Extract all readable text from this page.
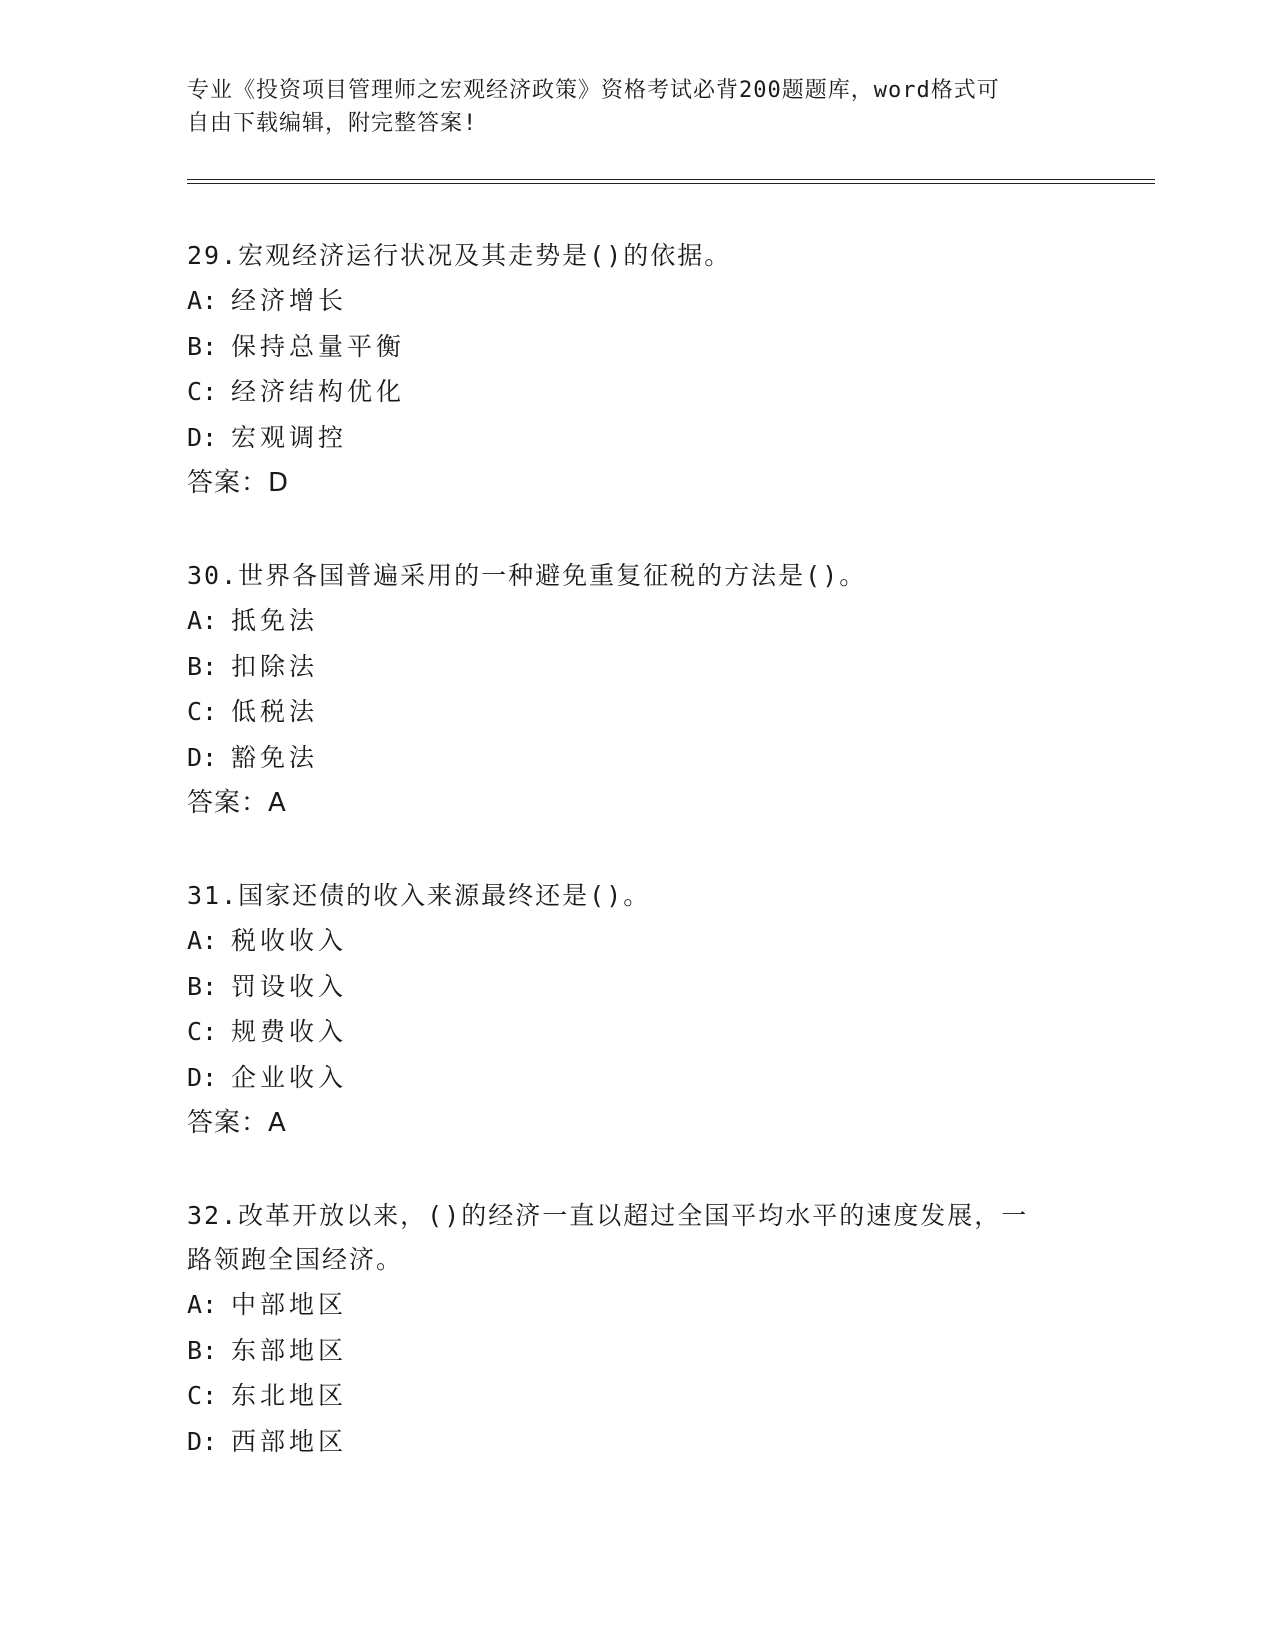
专业《投资项目管理师之宏观经济政策》资格考试必背200题题库，word格式可
自由下载编辑，附完整答案!

29.宏观经济运行状况及其走势是()的依据。

A: 经济增长

B: 保持总量平衡

C: 经济结构优化

D: 宏观调控

答案：D

30.世界各国普遍采用的一种避免重复征税的方法是()。

A: 抵免法

B: 扣除法

C: 低税法

D: 豁免法

答案：A

31.国家还债的收入来源最终还是()。

A: 税收收入

B: 罚设收入

C: 规费收入

D: 企业收入

答案：A

32.改革开放以来，()的经济一直以超过全国平均水平的速度发展，一

路领跑全国经济。

A: 中部地区

B: 东部地区

C: 东北地区

D: 西部地区
